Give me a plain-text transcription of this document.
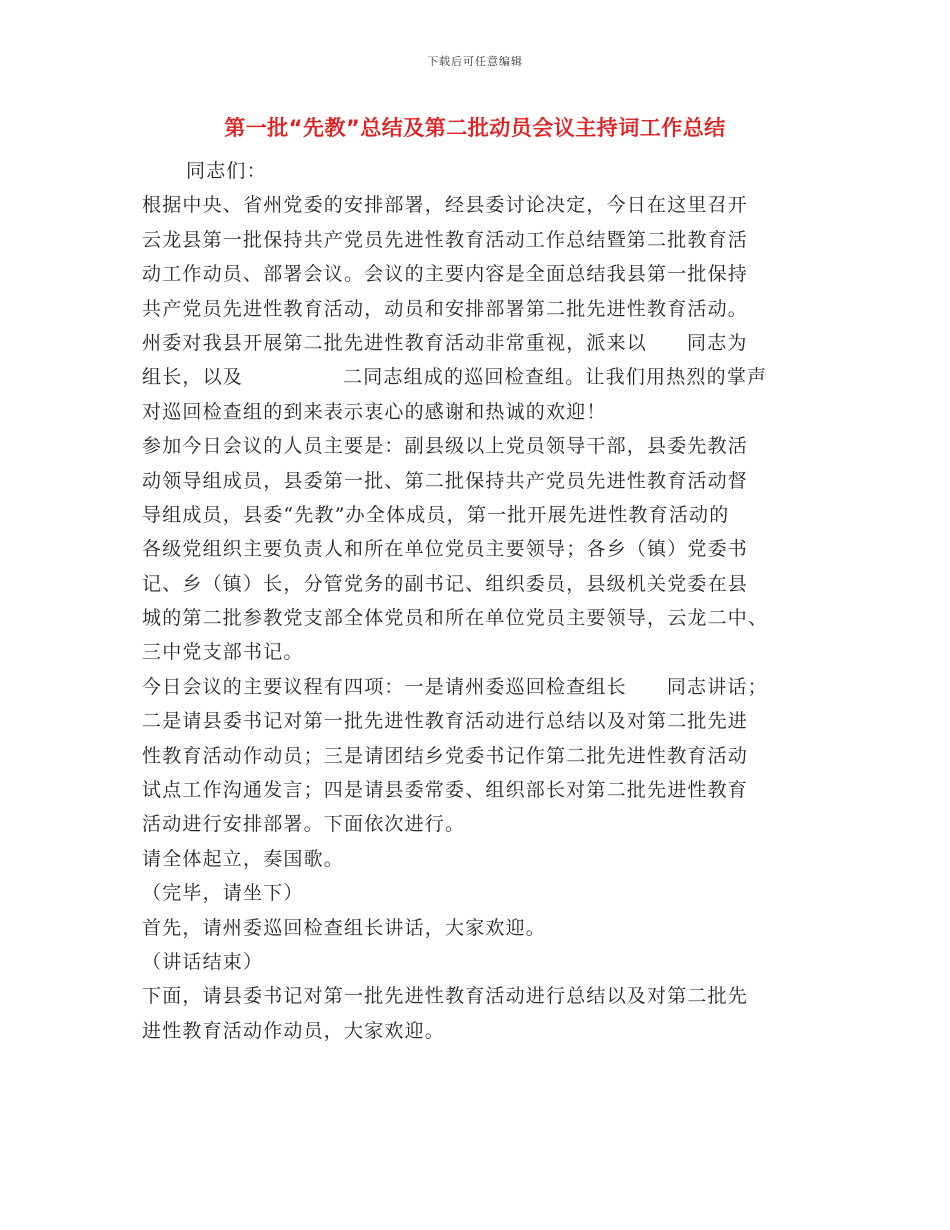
下载后可任意编辑
第一批“先教”总结及第二批动员会议主持词工作总结
同志们：
根据中央、省州党委的安排部署，经县委讨论决定，今日在这里召开
云龙县第一批保持共产党员先进性教育活动工作总结暨第二批教育活
动工作动员、部署会议。会议的主要内容是全面总结我县第一批保持
共产党员先进性教育活动，动员和安排部署第二批先进性教育活动。
州委对我县开展第二批先进性教育活动非常重视，派来以 同志为
组长，以及	二同志组成的巡回检查组。让我们用热烈的掌声
对巡回检查组的到来表示衷心的感谢和热诚的欢迎！
参加今日会议的人员主要是：副县级以上党员领导干部，县委先教活
动领导组成员，县委第一批、第二批保持共产党员先进性教育活动督
导组成员，县委“先教”办全体成员，第一批开展先进性教育活动的
各级党组织主要负责人和所在单位党员主要领导；各乡（镇）党委书
记、乡（镇）长，分管党务的副书记、组织委员，县级机关党委在县
城的第二批参教党支部全体党员和所在单位党员主要领导，云龙二中、
三中党支部书记。
今日会议的主要议程有四项：一是请州委巡回检查组长 同志讲话；
二是请县委书记对第一批先进性教育活动进行总结以及对第二批先进
性教育活动作动员；三是请团结乡党委书记作第二批先进性教育活动
试点工作沟通发言；四是请县委常委、组织部长对第二批先进性教育
活动进行安排部署。下面依次进行。
请全体起立，奏国歌。
（完毕，请坐下）
首先，请州委巡回检查组长讲话，大家欢迎。
（讲话结束）
下面，请县委书记对第一批先进性教育活动进行总结以及对第二批先
进性教育活动作动员，大家欢迎。
